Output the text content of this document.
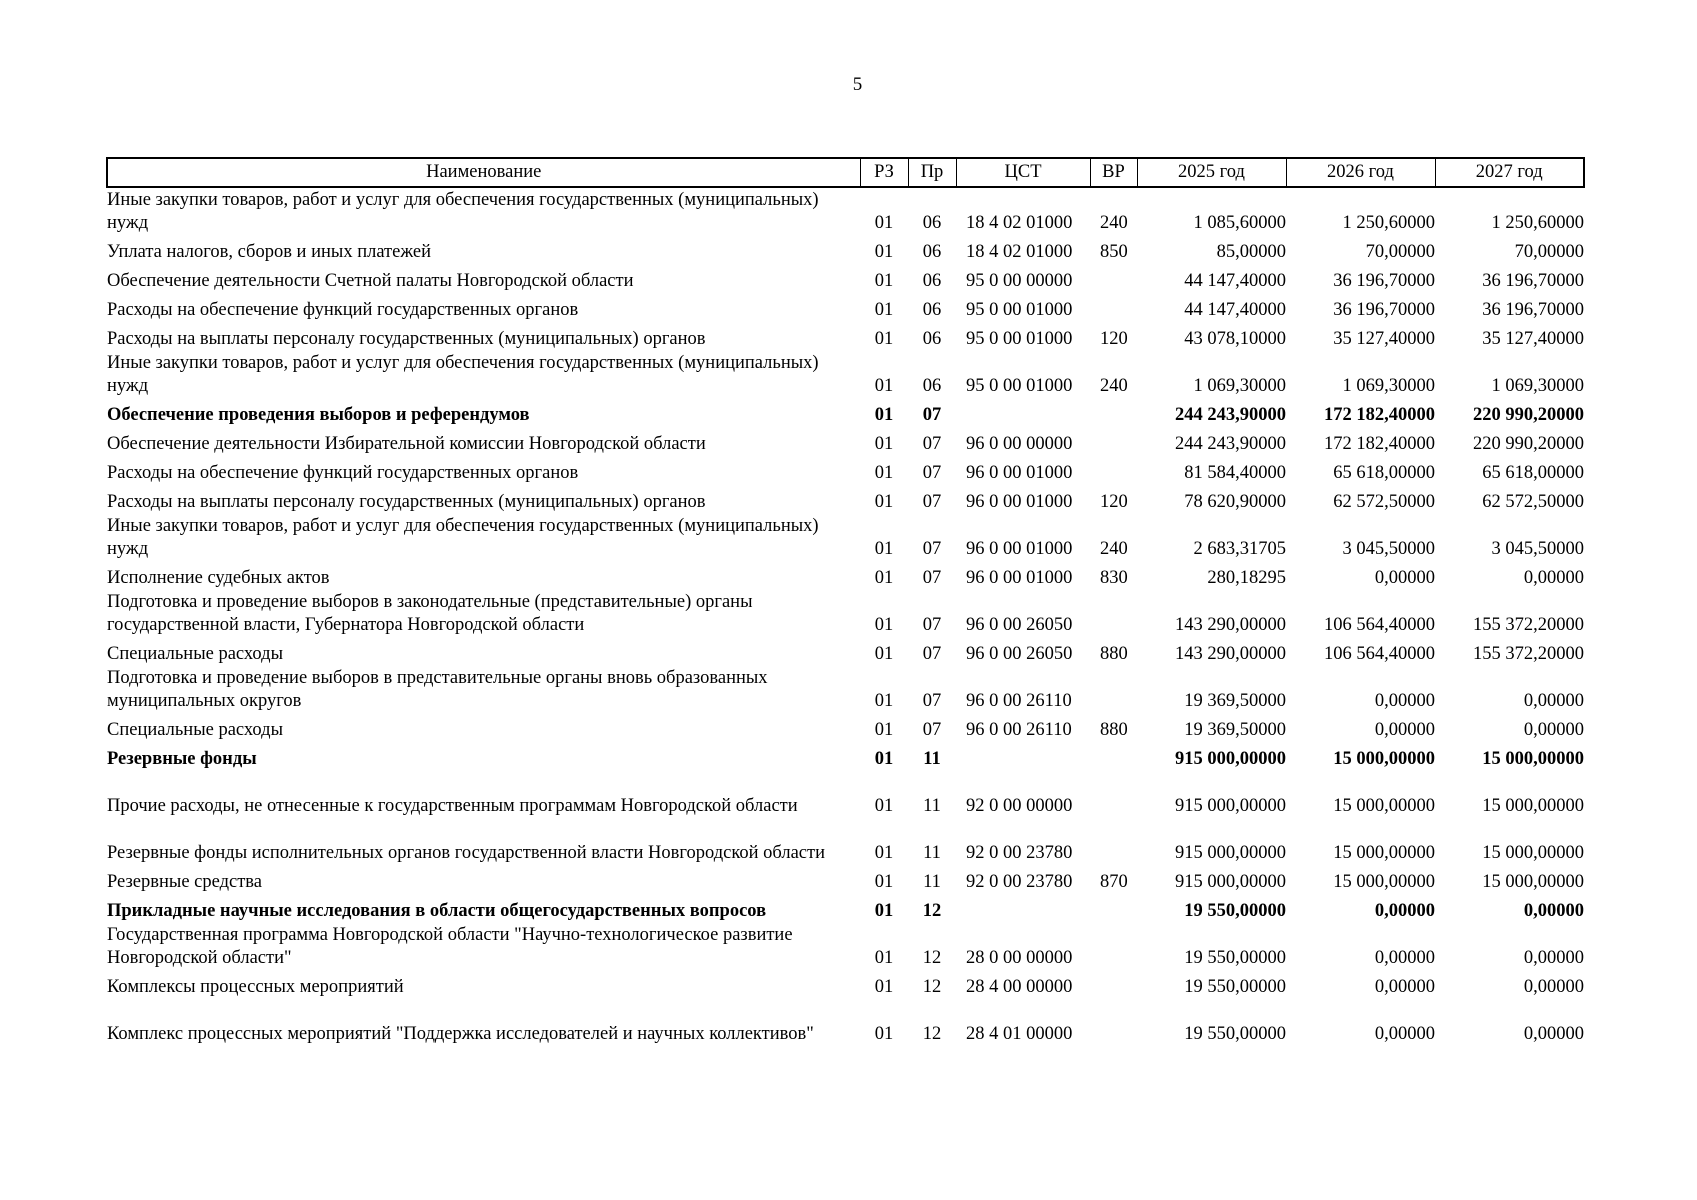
5
Наименование	РЗ	Пр	ЦСТ	ВР	2025 год	2026 год	2027 год
Иные закупки товаров, работ и услуг для обеспечения государственных (муниципальных) нужд	01	06	18 4 02 01000	240	1 085,60000	1 250,60000	1 250,60000
Уплата налогов, сборов и иных платежей	01	06	18 4 02 01000	850	85,00000	70,00000	70,00000
Обеспечение деятельности Счетной палаты Новгородской области	01	06	95 0 00 00000		44 147,40000	36 196,70000	36 196,70000
Расходы на обеспечение функций государственных органов	01	06	95 0 00 01000		44 147,40000	36 196,70000	36 196,70000
Расходы на выплаты персоналу государственных (муниципальных) органов	01	06	95 0 00 01000	120	43 078,10000	35 127,40000	35 127,40000
Иные закупки товаров, работ и услуг для обеспечения государственных (муниципальных) нужд	01	06	95 0 00 01000	240	1 069,30000	1 069,30000	1 069,30000
Обеспечение проведения выборов и референдумов	01	07			244 243,90000	172 182,40000	220 990,20000
Обеспечение деятельности Избирательной комиссии Новгородской области	01	07	96 0 00 00000		244 243,90000	172 182,40000	220 990,20000
Расходы на обеспечение функций государственных органов	01	07	96 0 00 01000		81 584,40000	65 618,00000	65 618,00000
Расходы на выплаты персоналу государственных (муниципальных) органов	01	07	96 0 00 01000	120	78 620,90000	62 572,50000	62 572,50000
Иные закупки товаров, работ и услуг для обеспечения государственных (муниципальных) нужд	01	07	96 0 00 01000	240	2 683,31705	3 045,50000	3 045,50000
Исполнение судебных актов	01	07	96 0 00 01000	830	280,18295	0,00000	0,00000
Подготовка и проведение выборов в законодательные (представительные) органы государственной власти, Губернатора Новгородской области	01	07	96 0 00 26050		143 290,00000	106 564,40000	155 372,20000
Специальные расходы	01	07	96 0 00 26050	880	143 290,00000	106 564,40000	155 372,20000
Подготовка и проведение выборов в представительные органы вновь образованных муниципальных округов	01	07	96 0 00 26110		19 369,50000	0,00000	0,00000
Специальные расходы	01	07	96 0 00 26110	880	19 369,50000	0,00000	0,00000
Резервные фонды	01	11			915 000,00000	15 000,00000	15 000,00000
Прочие расходы, не отнесенные к государственным программам Новгородской области	01	11	92 0 00 00000		915 000,00000	15 000,00000	15 000,00000
Резервные фонды исполнительных органов государственной власти Новгородской области	01	11	92 0 00 23780		915 000,00000	15 000,00000	15 000,00000
Резервные средства	01	11	92 0 00 23780	870	915 000,00000	15 000,00000	15 000,00000
Прикладные научные исследования в области общегосударственных вопросов	01	12			19 550,00000	0,00000	0,00000
Государственная программа Новгородской области "Научно-технологическое развитие Новгородской области"	01	12	28 0 00 00000		19 550,00000	0,00000	0,00000
Комплексы процессных мероприятий	01	12	28 4 00 00000		19 550,00000	0,00000	0,00000
Комплекс процессных мероприятий "Поддержка исследователей и научных коллективов"	01	12	28 4 01 00000		19 550,00000	0,00000	0,00000
